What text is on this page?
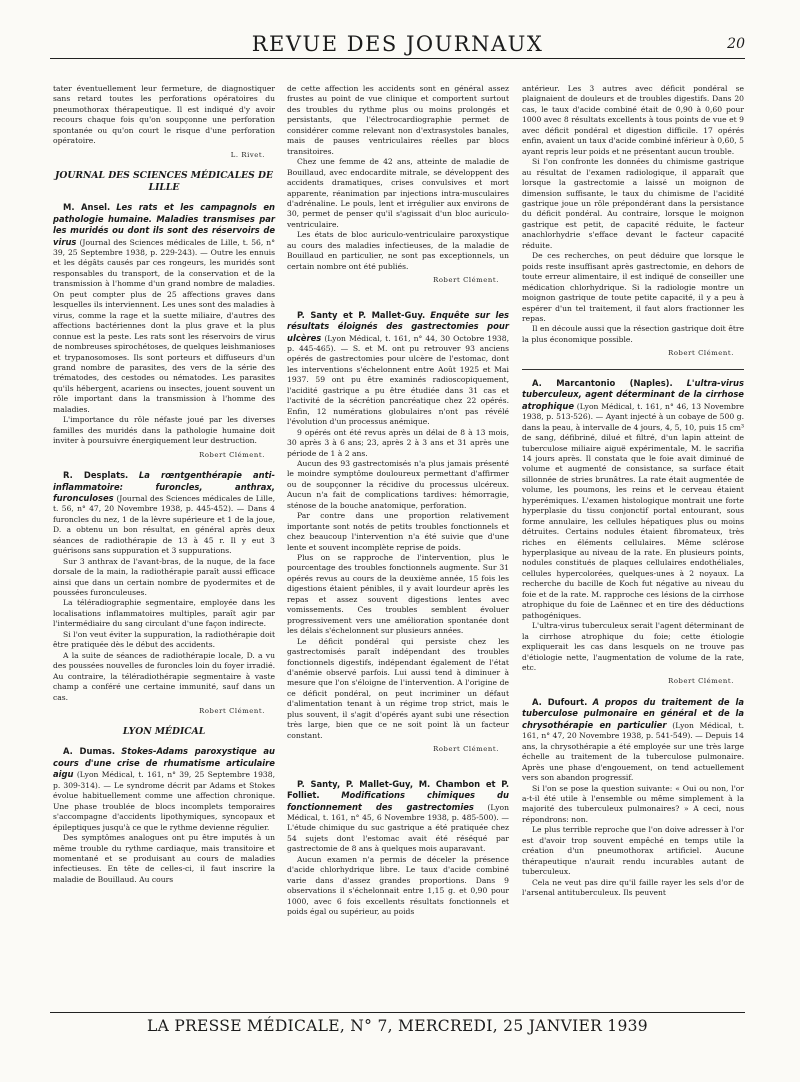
REVUE DES JOURNAUX	20

tater éventuellement leur fermeture, de diagnostiquer sans retard toutes les perforations opératoires du pneumothorax thérapeutique. Il est indiqué d'y avoir recours chaque fois qu'on soupçonne une perforation spontanée ou qu'on court le risque d'une perforation opératoire.

L. Rivet.
JOURNAL DES SCIENCES MÉDICALES DE LILLE

M. Ansel. Les rats et les campagnols en pathologie humaine. Maladies transmises par les muridés ou dont ils sont des réservoirs de virus (Journal des Sciences médicales de Lille, t. 56, n° 39, 25 Septembre 1938, p. 229-243). — Outre les ennuis et les dégâts causés par ces rongeurs, les muridés sont responsables du transport, de la conservation et de la transmission à l'homme d'un grand nombre de maladies. On peut compter plus de 25 affections graves dans lesquelles ils interviennent. Les unes sont des maladies à virus, comme la rage et la suette miliaire, d'autres des affections bactériennes dont la plus grave et la plus connue est la peste. Les rats sont les réservoirs de virus de nombreuses spirochétoses, de quelques leishmanioses et trypanosomoses. Ils sont porteurs et diffuseurs d'un grand nombre de parasites, des vers de la série des trématodes, des cestodes ou nématodes. Les parasites qu'ils hébergent, acariens ou insectes, jouent souvent un rôle important dans la transmission à l'homme des maladies.

L'importance du rôle néfaste joué par les diverses familles des muridés dans la pathologie humaine doit inviter à poursuivre énergiquement leur destruction.

Robert Clément.

R. Desplats. La rœntgenthérapie anti-inflammatoire: furoncles, anthrax, furonculoses (Journal des Sciences médicales de Lille, t. 56, n° 47, 20 Novembre 1938, p. 445-452). — Dans 4 furoncles du nez, 1 de la lèvre supérieure et 1 de la joue, D. a obtenu un bon résultat, en général après deux séances de radiothérapie de 13 à 45 r. Il y eut 3 guérisons sans suppuration et 3 suppurations.

Sur 3 anthrax de l'avant-bras, de la nuque, de la face dorsale de la main, la radiothérapie paraît aussi efficace ainsi que dans un certain nombre de pyodermites et de poussées furonculeuses.

La téléradiographie segmentaire, employée dans les localisations inflammatoires multiples, paraît agir par l'intermédiaire du sang circulant d'une façon indirecte.

Si l'on veut éviter la suppuration, la radiothérapie doit être pratiquée dès le début des accidents.

A la suite de séances de radiothérapie locale, D. a vu des poussées nouvelles de furoncles loin du foyer irradié. Au contraire, la téléradiothérapie segmentaire à vaste champ a conféré une certaine immunité, sauf dans un cas.

Robert Clément.
LYON MÉDICAL

A. Dumas. Stokes-Adams paroxystique au cours d'une crise de rhumatisme articulaire aigu (Lyon Médical, t. 161, n° 39, 25 Septembre 1938, p. 309-314). — Le syndrome décrit par Adams et Stokes évolue habituellement comme une affection chronique. Une phase troublée de blocs incomplets temporaires s'accompagne d'accidents lipothymiques, syncopaux et épileptiques jusqu'à ce que le rythme devienne régulier.

Des symptômes analogues ont pu être imputés à un même trouble du rythme cardiaque, mais transitoire et momentané et se produisant au cours de maladies infectieuses. En tête de celles-ci, il faut inscrire la maladie de Bouillaud. Au cours

de cette affection les accidents sont en général assez frustes au point de vue clinique et comportent surtout des troubles du rythme plus ou moins prolongés et persistants, que l'électrocardiographie permet de considérer comme relevant non d'extrasystoles banales, mais de pauses ventriculaires réelles par blocs transitoires.

Chez une femme de 42 ans, atteinte de maladie de Bouillaud, avec endocardite mitrale, se développent des accidents dramatiques, crises convulsives et mort apparente, réanimation par injections intra-musculaires d'adrénaline. Le pouls, lent et irrégulier aux environs de 30, permet de penser qu'il s'agissait d'un bloc auriculo-ventriculaire.

Les états de bloc auriculo-ventriculaire paroxystique au cours des maladies infectieuses, de la maladie de Bouillaud en particulier, ne sont pas exceptionnels, un certain nombre ont été publiés.

Robert Clément.

P. Santy et P. Mallet-Guy. Enquête sur les résultats éloignés des gastrectomies pour ulcères (Lyon Médical, t. 161, n° 44, 30 Octobre 1938, p. 445-465). — S. et M. ont pu retrouver 93 anciens opérés de gastrectomies pour ulcère de l'estomac, dont les interventions s'échelonnent entre Août 1925 et Mai 1937. 59 ont pu être examinés radioscopiquement, l'acidité gastrique a pu être étudiée dans 31 cas et l'activité de la sécrétion pancréatique chez 22 opérés. Enfin, 12 numérations globulaires n'ont pas révélé l'évolution d'un processus anémique.

9 opérés ont été revus après un délai de 8 à 13 mois, 30 après 3 à 6 ans; 23, après 2 à 3 ans et 31 après une période de 1 à 2 ans.

Aucun des 93 gastrectomisés n'a plus jamais présenté le moindre symptôme douloureux permettant d'affirmer ou de soupçonner la récidive du processus ulcéreux. Aucun n'a fait de complications tardives: hémorragie, sténose de la bouche anatomique, perforation.

Par contre dans une proportion relativement importante sont notés de petits troubles fonctionnels et chez beaucoup l'intervention n'a été suivie que d'une lente et souvent incomplète reprise de poids.

Plus on se rapproche de l'intervention, plus le pourcentage des troubles fonctionnels augmente. Sur 31 opérés revus au cours de la deuxième année, 15 fois les digestions étaient pénibles, il y avait lourdeur après les repas et assez souvent digestions lentes avec vomissements. Ces troubles semblent évoluer progressivement vers une amélioration spontanée dont les délais s'échelonnent sur plusieurs années.

Le déficit pondéral qui persiste chez les gastrectomisés paraît indépendant des troubles fonctionnels digestifs, indépendant également de l'état d'anémie observé parfois. Lui aussi tend à diminuer à mesure que l'on s'éloigne de l'intervention. A l'origine de ce déficit pondéral, on peut incriminer un défaut d'alimentation tenant à un régime trop strict, mais le plus souvent, il s'agit d'opérés ayant subi une résection très large, bien que ce ne soit point là un facteur constant.

Robert Clément.

P. Santy, P. Mallet-Guy, M. Chambon et P. Folliet.	Modifications chimiques du fonctionnement des gastrectomies (Lyon Médical, t. 161, n° 45, 6 Novembre 1938, p. 485-500). — L'étude chimique du suc gastrique a été pratiquée chez 54 sujets dont l'estomac avait été réséqué par gastrectomie de 8 ans à quelques mois auparavant.

Aucun examen n'a permis de déceler la présence d'acide chlorhydrique libre. Le taux d'acide combiné varie dans d'assez grandes proportions. Dans 9 observations il s'échelonnait entre 1,15 g. et 0,90 pour 1000, avec 6 fois excellents résultats fonctionnels et poids égal ou supérieur, au poids

antérieur. Les 3 autres avec déficit pondéral se plaignaient de douleurs et de troubles digestifs. Dans 20 cas, le taux d'acide combiné était de 0,90 à 0,60 pour 1000 avec 8 résultats excellents à tous points de vue et 9 avec déficit pondéral et digestion difficile. 17 opérés enfin, avaient un taux d'acide combiné inférieur à 0,60, 5 ayant repris leur poids et ne présentant aucun trouble.

Si l'on confronte les données du chimisme gastrique au résultat de l'examen radiologique, il apparaît que lorsque la gastrectomie a laissé un moignon de dimension suffisante, le taux du chimisme de l'acidité gastrique joue un rôle prépondérant dans la persistance du déficit pondéral. Au contraire, lorsque le moignon gastrique est petit, de capacité réduite, le facteur anachlorhydrie s'efface devant le facteur capacité réduite.

De ces recherches, on peut déduire que lorsque le poids reste insuffisant après gastrectomie, en dehors de toute erreur alimentaire, il est indiqué de conseiller une médication chlorhydrique. Si la radiologie montre un moignon gastrique de toute petite capacité, il y a peu à espérer d'un tel traitement, il faut alors fractionner les repas.

Il en découle aussi que la résection gastrique doit être la plus économique possible.

Robert Clément.

A. Marcantonio (Naples). L'ultra-virus tuberculeux, agent déterminant de la cirrhose atrophique (Lyon Médical, t. 161, n° 46, 13 Novembre 1938, p. 513-526). — Ayant injecté à un cobaye de 500 g. dans la peau, à intervalle de 4 jours, 4, 5, 10, puis 15 cm³ de sang, défibriné, dilué et filtré, d'un lapin atteint de tuberculose miliaire aiguë expérimentale, M. le sacrifia 14 jours après. Il constata que le foie avait diminué de volume et augmenté de consistance, sa surface était sillonnée de stries brunâtres. La rate était augmentée de volume, les poumons, les reins et le cerveau étaient hyperémiques. L'examen histologique montrait une forte hyperplasie du tissu conjonctif portal entourant, sous forme annulaire, les cellules hépatiques plus ou moins détruites. Certains nodules étaient fibromateux, très riches en éléments cellulaires. Même sclérose hyperplasique au niveau de la rate. En plusieurs points, nodules constitués de plaques cellulaires endothéliales, cellules hypercolorées, quelques-unes à 2 noyaux. La recherche du bacille de Koch fut négative au niveau du foie et de la rate. M. rapproche ces lésions de la cirrhose atrophique du foie de Laënnec et en tire des déductions pathogéniques.

L'ultra-virus tuberculeux serait l'agent déterminant de la cirrhose atrophique du foie; cette étiologie expliquerait les cas dans lesquels on ne trouve pas d'étiologie nette, l'augmentation de volume de la rate, etc.

Robert Clément.

A. Dufourt. A propos du traitement de la tuberculose pulmonaire en général et de la chrysothérapie en particulier (Lyon Médical, t. 161, n° 47, 20 Novembre 1938, p. 541-549). — Depuis 14 ans, la chrysothérapie a été employée sur une très large échelle au traitement de la tuberculose pulmonaire. Après une phase d'engouement, on tend actuellement vers son abandon progressif.

Si l'on se pose la question suivante: « Oui ou non, l'or a-t-il été utile à l'ensemble ou même simplement à la majorité des tuberculeux pulmonaires? » A ceci, nous répondrons: non.

Le plus terrible reproche que l'on doive adresser à l'or est d'avoir trop souvent empêché en temps utile la création d'un pneumothorax artificiel. Aucune thérapeutique n'aurait rendu incurables autant de tuberculeux.

Cela ne veut pas dire qu'il faille rayer les sels d'or de l'arsenal antituberculeux. Ils peuvent

LA PRESSE MÉDICALE, N° 7, MERCREDI, 25 JANVIER 1939
